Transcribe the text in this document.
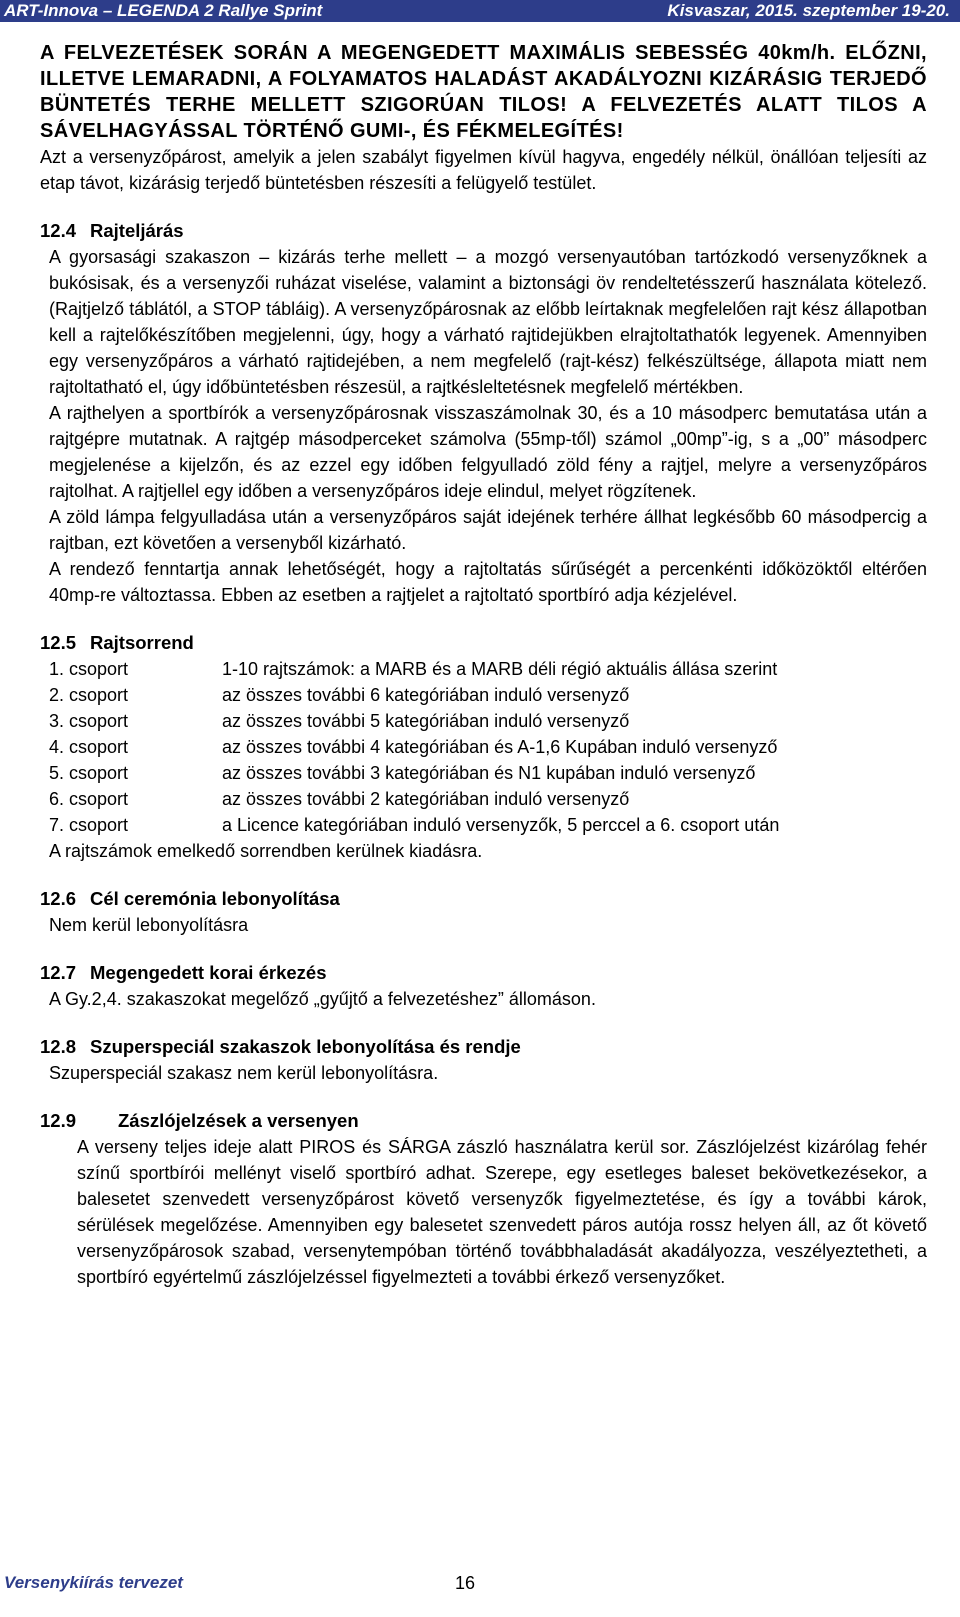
ART-Innova – LEGENDA 2 Rallye Sprint	Kisvaszar, 2015. szeptember 19-20.

A FELVEZETÉSEK SORÁN A MEGENGEDETT MAXIMÁLIS SEBESSÉG 40km/h. ELŐZNI, ILLETVE LEMARADNI, A FOLYAMATOS HALADÁST AKADÁLYOZNI KIZÁRÁSIG TERJEDŐ BÜNTETÉS TERHE MELLETT SZIGORÚAN TILOS! A FELVEZETÉS ALATT TILOS A SÁVELHAGYÁSSAL TÖRTÉNŐ GUMI-, ÉS FÉKMELEGÍTÉS!

Azt a versenyzőpárost, amelyik a jelen szabályt figyelmen kívül hagyva, engedély nélkül, önállóan teljesíti az etap távot, kizárásig terjedő büntetésben részesíti a felügyelő testület.

12.4 Rajteljárás

A gyorsasági szakaszon – kizárás terhe mellett – a mozgó versenyautóban tartózkodó versenyzőknek a bukósisak, és a versenyzői ruházat viselése, valamint a biztonsági öv rendeltetésszerű használata kötelező. (Rajtjelző táblától, a STOP tábláig). A versenyzőpárosnak az előbb leírtaknak megfelelően rajt kész állapotban kell a rajtelőkészítőben megjelenni, úgy, hogy a várható rajtidejükben elrajtoltathatók legyenek. Amennyiben egy versenyzőpáros a várható rajtidejében, a nem megfelelő (rajt-kész) felkészültsége, állapota miatt nem rajtoltatható el, úgy időbüntetésben részesül, a rajtkésleltetésnek megfelelő mértékben.

A rajthelyen a sportbírók a versenyzőpárosnak visszaszámolnak 30, és a 10 másodperc bemutatása után a rajtgépre mutatnak. A rajtgép másodperceket számolva (55mp-től) számol „00mp”-ig, s a „00” másodperc megjelenése a kijelzőn, és az ezzel egy időben felgyulladó zöld fény a rajtjel, melyre a versenyzőpáros rajtolhat. A rajtjellel egy időben a versenyzőpáros ideje elindul, melyet rögzítenek.

A zöld lámpa felgyulladása után a versenyzőpáros saját idejének terhére állhat legkésőbb 60 másodpercig a rajtban, ezt követően a versenyből kizárható.

A rendező fenntartja annak lehetőségét, hogy a rajtoltatás sűrűségét a percenkénti időközöktől eltérően 40mp-re változtassa. Ebben az esetben a rajtjelet a rajtoltató sportbíró adja kézjelével.

12.5 Rajtsorrend
1. csoport	1-10 rajtszámok: a MARB és a MARB déli régió aktuális állása szerint
2. csoport	az összes további 6 kategóriában induló versenyző
3. csoport	az összes további 5 kategóriában induló versenyző
4. csoport	az összes további 4 kategóriában és A-1,6 Kupában induló versenyző
5. csoport	az összes további 3 kategóriában és N1 kupában induló versenyző
6. csoport	az összes további 2 kategóriában induló versenyző
7. csoport	a Licence kategóriában induló versenyzők, 5 perccel a 6. csoport után

A rajtszámok emelkedő sorrendben kerülnek kiadásra.

12.6 Cél ceremónia lebonyolítása

Nem kerül lebonyolításra

12.7 Megengedett korai érkezés

A Gy.2,4. szakaszokat megelőző „gyűjtő a felvezetéshez” állomáson.

12.8 Szuperspeciál szakaszok lebonyolítása és rendje

Szuperspeciál szakasz nem kerül lebonyolításra.

12.9	Zászlójelzések a versenyen

A verseny teljes ideje alatt PIROS és SÁRGA zászló használatra kerül sor. Zászlójelzést kizárólag fehér színű sportbírói mellényt viselő sportbíró adhat. Szerepe, egy esetleges baleset bekövetkezésekor, a balesetet szenvedett versenyzőpárost követő versenyzők figyelmeztetése, és így a további károk, sérülések megelőzése. Amennyiben egy balesetet szenvedett páros autója rossz helyen áll, az őt követő versenyzőpárosok szabad, versenytempóban történő továbbhaladását akadályozza, veszélyeztetheti, a sportbíró egyértelmű zászlójelzéssel figyelmezteti a további érkező versenyzőket.

Versenykiírás tervezet	16
